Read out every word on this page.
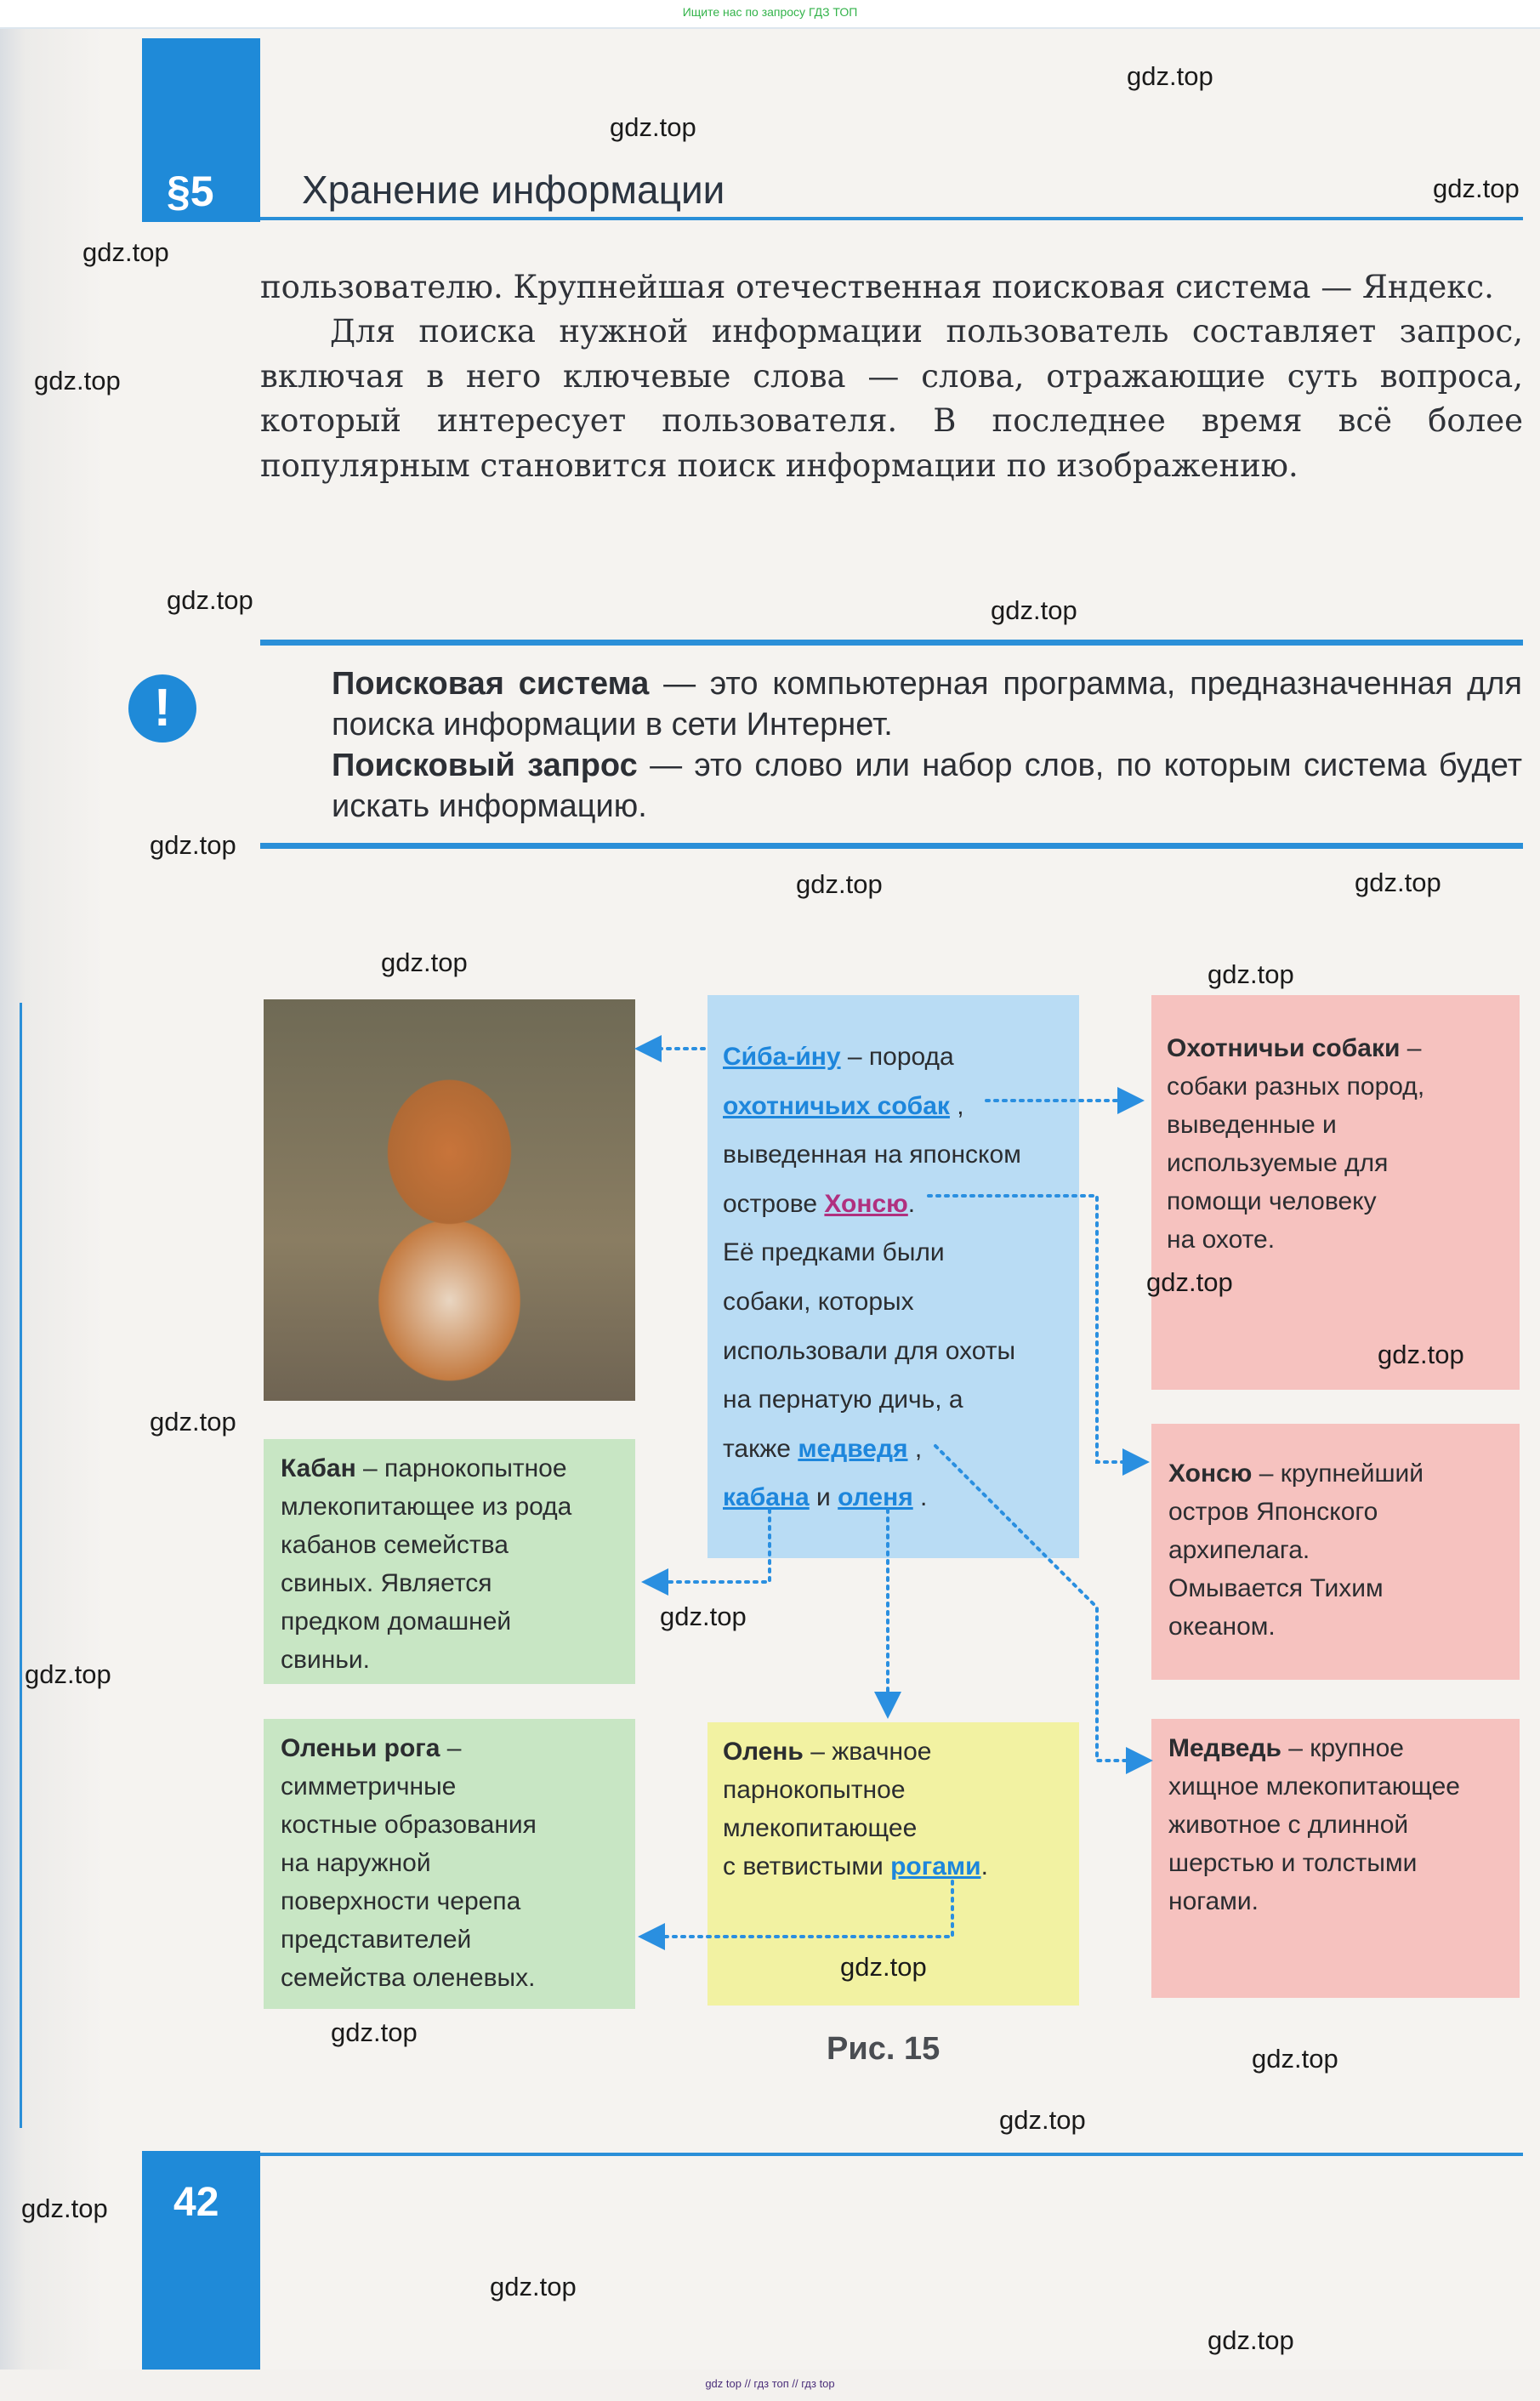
Ищите нас по запросу ГДЗ ТОП
§5 Хранение информации

пользователю. Крупнейшая отечественная поисковая система — Яндекс.

Для поиска нужной информации пользователь составляет запрос, включая в него ключевые слова — слова, отражающие суть вопроса, который интересует пользователя. В последнее время всё более популярным становится поиск информации по изображению.

!	Поисковая система — это компьютерная программа, предназначенная для поиска информации в сети Интернет.

Поисковый запрос — это слово или набор слов, по которым система будет искать информацию.

Си́ба-и́ну – порода
охотничьих собак ,
выведенная на японском
острове Хонсю.
Её предками были
собаки, которых
использовали для охоты
на пернатую дичь, а
также медведя ,
кабана и оленя .
Охотничьи собаки –
собаки разных пород,
выведенные и
используемые для
помощи человеку
на охоте.
Хонсю – крупнейший
остров Японского
архипелага.
Омывается Тихим
океаном.
Кабан – парнокопытное
млекопитающее из рода
кабанов семейства
свиных. Является
предком домашней
свиньи.
Оленьи рога –
симметричные
костные образования
на наружной
поверхности черепа
представителей
семейства оленевых.
Олень – жвачное
парнокопытное
млекопитающее
с ветвистыми рогами.
Медведь – крупное
хищное млекопитающее
животное с длинной
шерстью и толстыми
ногами.
Рис. 15
42
gdz top // гдз топ // гдз top
gdz.top
gdz.top
gdz.top
gdz.top
gdz.top
gdz.top
gdz.top
gdz.top
gdz.top
gdz.top
gdz.top	gdz.top
gdz.top
gdz.top
gdz.top
gdz.top
gdz.top
gdz.top
gdz.top
gdz.top
gdz.top
gdz.top
gdz.top
gdz.top
